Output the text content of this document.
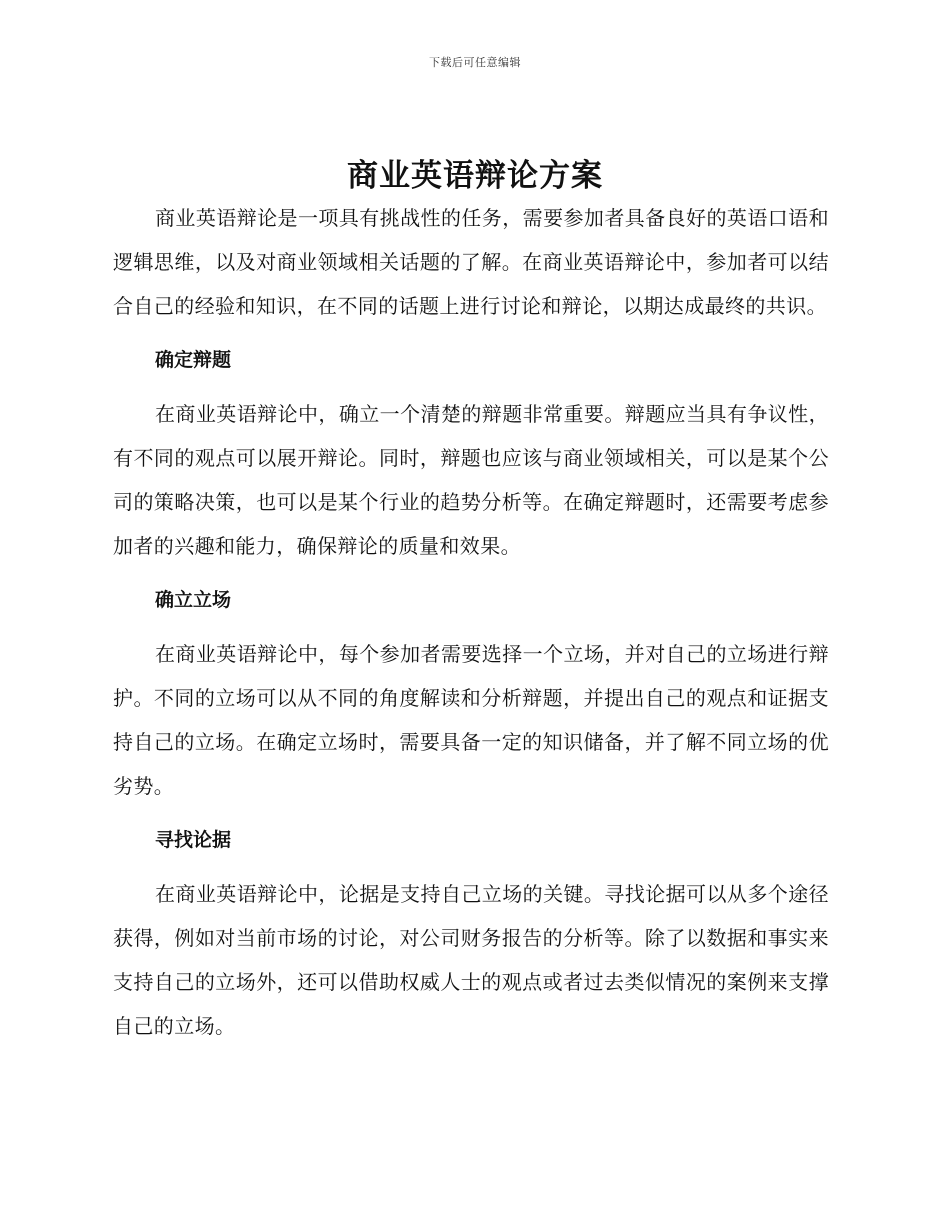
下载后可任意编辑
商业英语辩论方案

商业英语辩论是一项具有挑战性的任务，需要参加者具备良好的英语口语和逻辑思维，以及对商业领域相关话题的了解。在商业英语辩论中，参加者可以结合自己的经验和知识，在不同的话题上进行讨论和辩论，以期达成最终的共识。

确定辩题

在商业英语辩论中，确立一个清楚的辩题非常重要。辩题应当具有争议性，有不同的观点可以展开辩论。同时，辩题也应该与商业领域相关，可以是某个公司的策略决策，也可以是某个行业的趋势分析等。在确定辩题时，还需要考虑参加者的兴趣和能力，确保辩论的质量和效果。

确立立场

在商业英语辩论中，每个参加者需要选择一个立场，并对自己的立场进行辩护。不同的立场可以从不同的角度解读和分析辩题，并提出自己的观点和证据支持自己的立场。在确定立场时，需要具备一定的知识储备，并了解不同立场的优劣势。

寻找论据

在商业英语辩论中，论据是支持自己立场的关键。寻找论据可以从多个途径获得，例如对当前市场的讨论，对公司财务报告的分析等。除了以数据和事实来支持自己的立场外，还可以借助权威人士的观点或者过去类似情况的案例来支撑自己的立场。
